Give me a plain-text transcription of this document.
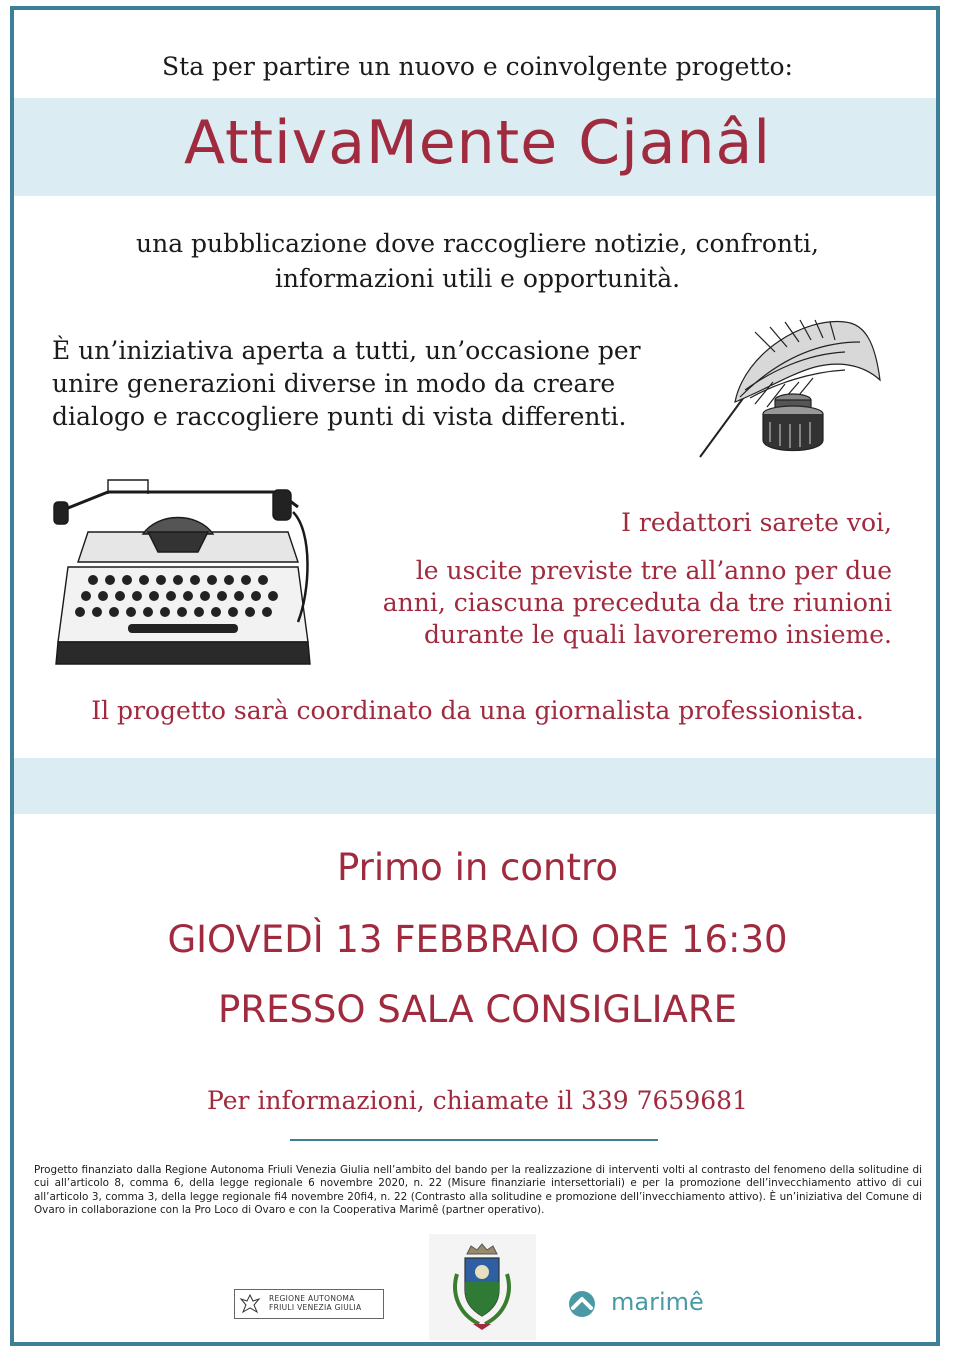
Sta per partire un nuovo e coinvolgente progetto:
AttivaMente Cjanâl
una pubblicazione dove raccogliere notizie, confronti,
informazioni utili e opportunità.
È un’iniziativa aperta a tutti, un’occasione per
unire generazioni diverse in modo da creare
dialogo e raccogliere punti di vista differenti.
I redattori sarete voi,
le uscite previste tre all’anno per due
anni, ciascuna preceduta da tre riunioni
durante le quali lavoreremo insieme.
Il progetto sarà coordinato da una giornalista professionista.
Primo in contro
GIOVEDÌ 13 FEBBRAIO ORE 16:30
PRESSO SALA CONSIGLIARE
Per informazioni, chiamate il 339 7659681
Progetto finanziato dalla Regione Autonoma Friuli Venezia Giulia nell’ambito del bando per la realizzazione di interventi volti al contrasto del fenomeno della solitudine di cui all’articolo 8, comma 6, della legge regionale 6 novembre 2020, n. 22 (Misure finanziarie intersettoriali) e per la promozione dell’invecchiamento attivo di cui all’articolo 3, comma 3, della legge regionale fi4 novembre 20fi4, n. 22 (Contrasto alla solitudine e promozione dell’invecchiamento attivo). È un’iniziativa del Comune di Ovaro in collaborazione con la Pro Loco di Ovaro e con la Cooperativa Marimê (partner operativo).
REGIONE AUTONOMA
FRIULI VENEZIA GIULIA	marimê
